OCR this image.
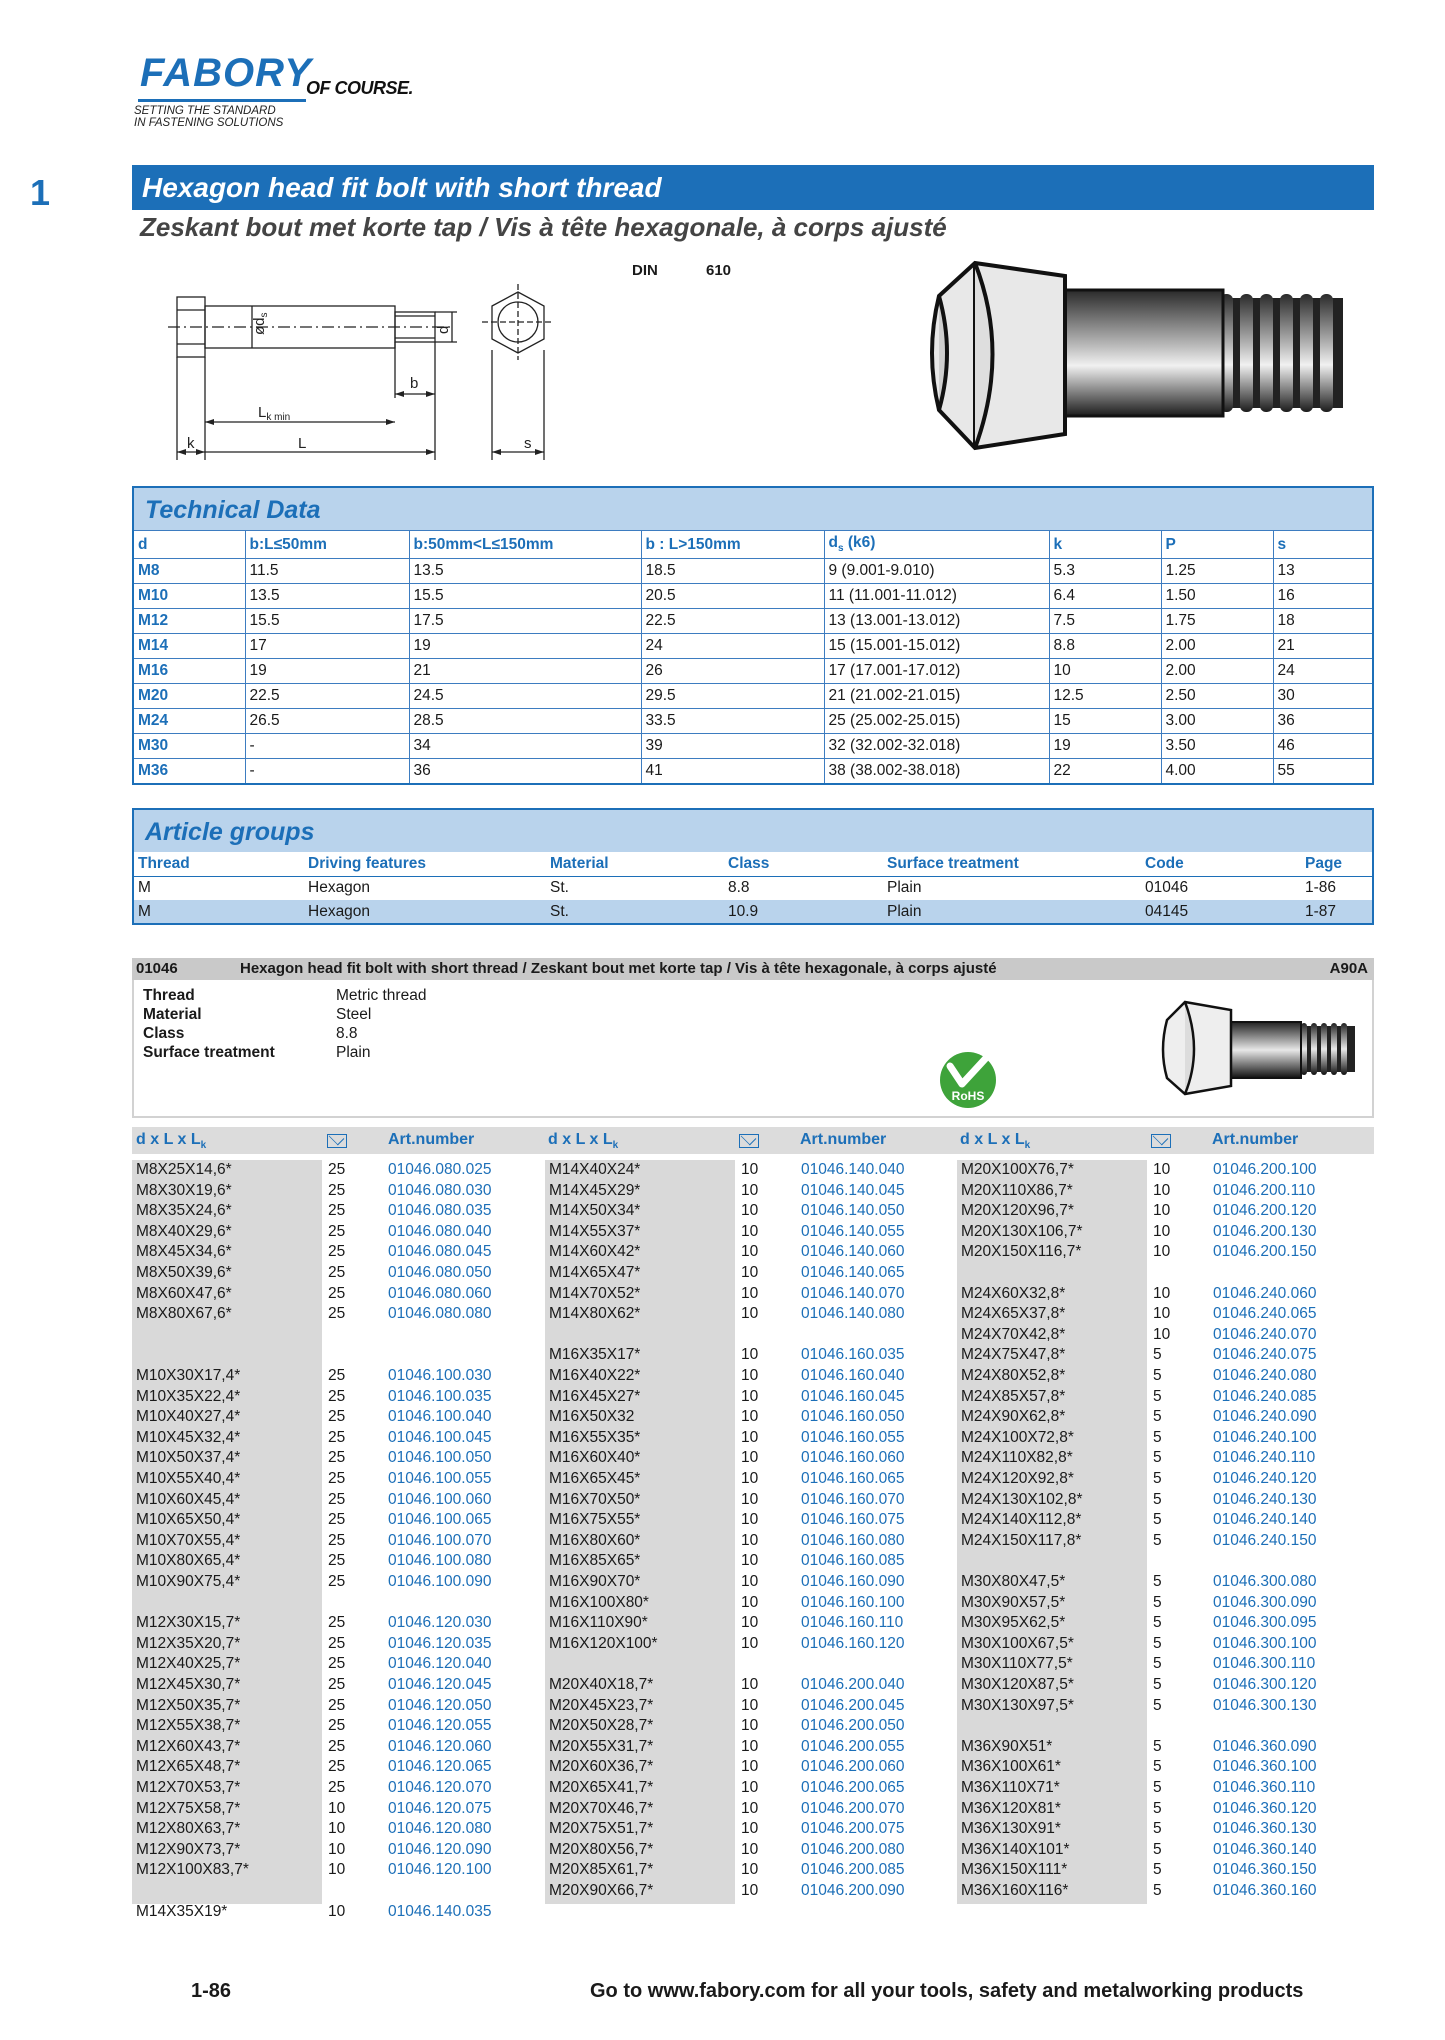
FABORY
OF COURSE.
SETTING THE STANDARD
IN FASTENING SOLUTIONS
1	Hexagon head fit bolt with short thread
Zeskant bout met korte tap / Vis à tête hexagonale, à corps ajusté
DIN	610
$ød_s$
d
b
$L_{k min}$
k	L	s
Technical Data
d	b:L≤50mm	b:50mm<L≤150mm	b : L>150mm	$d_s$ (k6)	k	P	s
M8	11.5	13.5	18.5	9 (9.001-9.010)	5.3	1.25	13
M10	13.5	15.5	20.5	11 (11.001-11.012)	6.4	1.50	16
M12	15.5	17.5	22.5	13 (13.001-13.012)	7.5	1.75	18
M14	17	19	24	15 (15.001-15.012)	8.8	2.00	21
M16	19	21	26	17 (17.001-17.012)	10	2.00	24
M20	22.5	24.5	29.5	21 (21.002-21.015)	12.5	2.50	30
M24	26.5	28.5	33.5	25 (25.002-25.015)	15	3.00	36
M30	-	34	39	32 (32.002-32.018)	19	3.50	46
M36	-	36	41	38 (38.002-38.018)	22	4.00	55
Article groups
Thread	Driving features	Material	Class	Surface treatment	Code	Page
M	Hexagon	St.	8.8	Plain	01046	1-86
M	Hexagon	St.	10.9	Plain	04145	1-87
01046	Hexagon head fit bolt with short thread / Zeskant bout met korte tap / Vis à tête hexagonale, à corps ajusté	A90A
Thread	Metric thread
Material	Steel
Class	8.8
Surface treatment	Plain
RoHS
d x L x $L_k$	Art.number	d x L x $L_k$	Art.number	d x L x $L_k$	Art.number
M8X25X14,6*	25	01046.080.025
M8X30X19,6*	25	01046.080.030
M8X35X24,6*	25	01046.080.035
M8X40X29,6*	25	01046.080.040
M8X45X34,6*	25	01046.080.045
M8X50X39,6*	25	01046.080.050
M8X60X47,6*	25	01046.080.060
M8X80X67,6*	25	01046.080.080
M10X30X17,4*	25	01046.100.030
M10X35X22,4*	25	01046.100.035
M10X40X27,4*	25	01046.100.040
M10X45X32,4*	25	01046.100.045
M10X50X37,4*	25	01046.100.050
M10X55X40,4*	25	01046.100.055
M10X60X45,4*	25	01046.100.060
M10X65X50,4*	25	01046.100.065
M10X70X55,4*	25	01046.100.070
M10X80X65,4*	25	01046.100.080
M10X90X75,4*	25	01046.100.090
M12X30X15,7*	25	01046.120.030
M12X35X20,7*	25	01046.120.035
M12X40X25,7*	25	01046.120.040
M12X45X30,7*	25	01046.120.045
M12X50X35,7*	25	01046.120.050
M12X55X38,7*	25	01046.120.055
M12X60X43,7*	25	01046.120.060
M12X65X48,7*	25	01046.120.065
M12X70X53,7*	25	01046.120.070
M12X75X58,7*	10	01046.120.075
M12X80X63,7*	10	01046.120.080
M12X90X73,7*	10	01046.120.090
M12X100X83,7*	10	01046.120.100
M14X35X19*	10	01046.140.035
M14X40X24*	10	01046.140.040
M14X45X29*	10	01046.140.045
M14X50X34*	10	01046.140.050
M14X55X37*	10	01046.140.055
M14X60X42*	10	01046.140.060
M14X65X47*	10	01046.140.065
M14X70X52*	10	01046.140.070
M14X80X62*	10	01046.140.080
M16X35X17*	10	01046.160.035
M16X40X22*	10	01046.160.040
M16X45X27*	10	01046.160.045
M16X50X32	10	01046.160.050
M16X55X35*	10	01046.160.055
M16X60X40*	10	01046.160.060
M16X65X45*	10	01046.160.065
M16X70X50*	10	01046.160.070
M16X75X55*	10	01046.160.075
M16X80X60*	10	01046.160.080
M16X85X65*	10	01046.160.085
M16X90X70*	10	01046.160.090
M16X100X80*	10	01046.160.100
M16X110X90*	10	01046.160.110
M16X120X100*	10	01046.160.120
M20X40X18,7*	10	01046.200.040
M20X45X23,7*	10	01046.200.045
M20X50X28,7*	10	01046.200.050
M20X55X31,7*	10	01046.200.055
M20X60X36,7*	10	01046.200.060
M20X65X41,7*	10	01046.200.065
M20X70X46,7*	10	01046.200.070
M20X75X51,7*	10	01046.200.075
M20X80X56,7*	10	01046.200.080
M20X85X61,7*	10	01046.200.085
M20X90X66,7*	10	01046.200.090
M20X100X76,7*	10	01046.200.100
M20X110X86,7*	10	01046.200.110
M20X120X96,7*	10	01046.200.120
M20X130X106,7*	10	01046.200.130
M20X150X116,7*	10	01046.200.150
M24X60X32,8*	10	01046.240.060
M24X65X37,8*	10	01046.240.065
M24X70X42,8*	10	01046.240.070
M24X75X47,8*	5	01046.240.075
M24X80X52,8*	5	01046.240.080
M24X85X57,8*	5	01046.240.085
M24X90X62,8*	5	01046.240.090
M24X100X72,8*	5	01046.240.100
M24X110X82,8*	5	01046.240.110
M24X120X92,8*	5	01046.240.120
M24X130X102,8*	5	01046.240.130
M24X140X112,8*	5	01046.240.140
M24X150X117,8*	5	01046.240.150
M30X80X47,5*	5	01046.300.080
M30X90X57,5*	5	01046.300.090
M30X95X62,5*	5	01046.300.095
M30X100X67,5*	5	01046.300.100
M30X110X77,5*	5	01046.300.110
M30X120X87,5*	5	01046.300.120
M30X130X97,5*	5	01046.300.130
M36X90X51*	5	01046.360.090
M36X100X61*	5	01046.360.100
M36X110X71*	5	01046.360.110
M36X120X81*	5	01046.360.120
M36X130X91*	5	01046.360.130
M36X140X101*	5	01046.360.140
M36X150X111*	5	01046.360.150
M36X160X116*	5	01046.360.160
1-86	Go to www.fabory.com for all your tools, safety and metalworking products
